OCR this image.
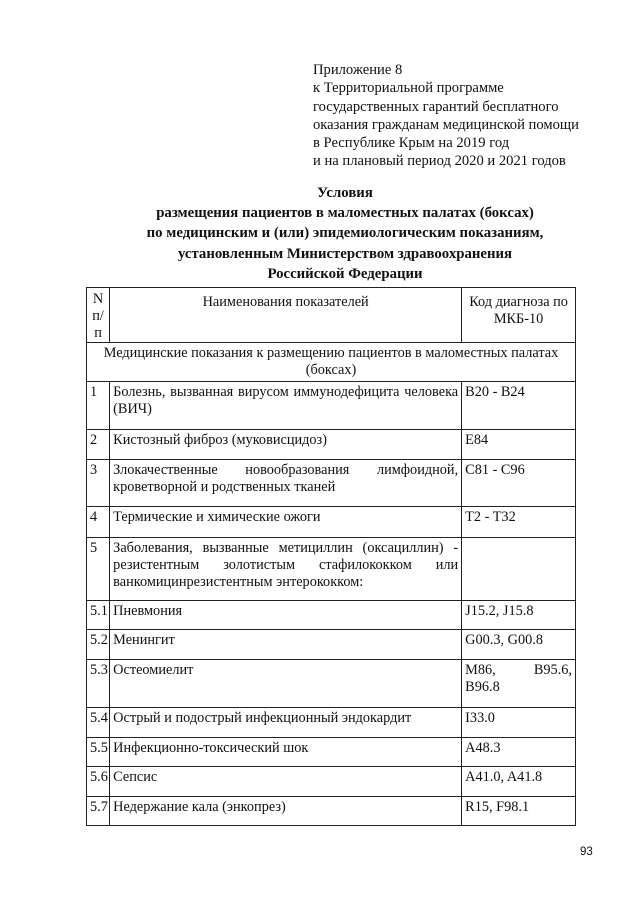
Приложение 8
к Территориальной программе
государственных гарантий бесплатного
оказания гражданам медицинской помощи
в Республике Крым на 2019 год
и на плановый период 2020 и 2021 годов
Условия
размещения пациентов в маломестных палатах (боксах)
по медицинским и (или) эпидемиологическим показаниям,
установленным Министерством здравоохранения
Российской Федерации
N п/п	Наименования показателей	Код диагноза по МКБ-10
Медицинские показания к размещению пациентов в маломестных палатах (боксах)		
1	Болезнь, вызванная вирусом иммунодефицита человека (ВИЧ)	B20 - B24
2	Кистозный фиброз (муковисцидоз)	E84
3	Злокачественные новообразования лимфоидной, кроветворной и родственных тканей	C81 - C96
4	Термические и химические ожоги	T2 - T32
5	Заболевания, вызванные метициллин (оксациллин) - резистентным золотистым стафилококком или ванкомицинрезистентным энтерококком:	
5.1	Пневмония	J15.2, J15.8
5.2	Менингит	G00.3, G00.8
5.3	Остеомиелит	M86, B95.6, B96.8
5.4	Острый и подострый инфекционный эндокардит	I33.0
5.5	Инфекционно-токсический шок	A48.3
5.6	Сепсис	A41.0, A41.8
5.7	Недержание кала (энкопрез)	R15, F98.1
93
